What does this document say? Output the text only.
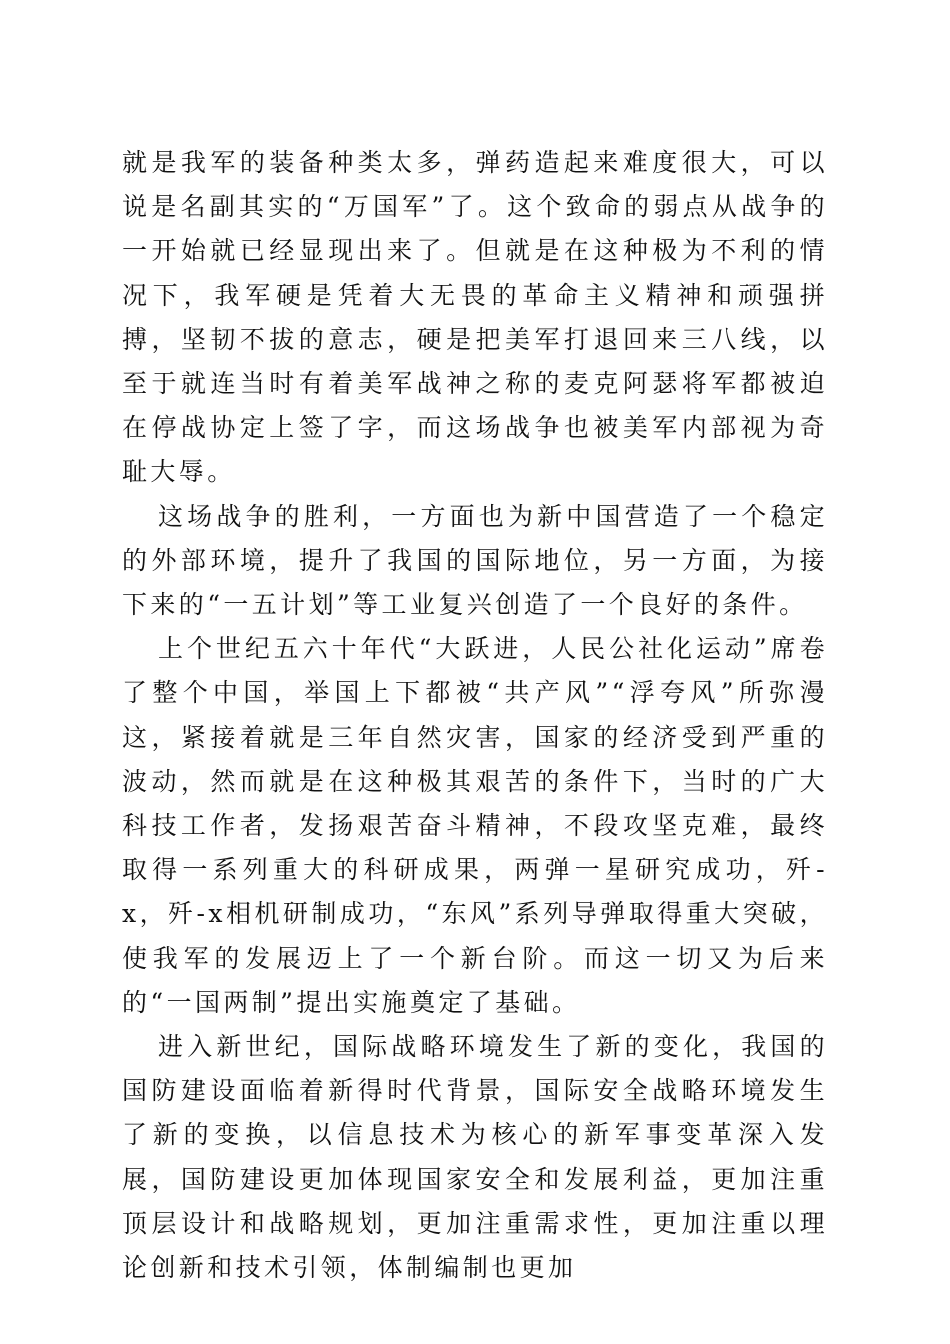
就是我军的装备种类太多，弹药造起来难度很大，可以说是名副其实的“万国军”了。这个致命的弱点从战争的一开始就已经显现出来了。但就是在这种极为不利的情况下，我军硬是凭着大无畏的革命主义精神和顽强拼搏，坚韧不拔的意志，硬是把美军打退回来三八线，以至于就连当时有着美军战神之称的麦克阿瑟将军都被迫在停战协定上签了字，而这场战争也被美军内部视为奇耻大辱。

这场战争的胜利，一方面也为新中国营造了一个稳定的外部环境，提升了我国的国际地位，另一方面，为接下来的“一五计划”等工业复兴创造了一个良好的条件。

上个世纪五六十年代“大跃进，人民公社化运动”席卷了整个中国，举国上下都被“共产风”“浮夸风”所弥漫这，紧接着就是三年自然灾害，国家的经济受到严重的波动，然而就是在这种极其艰苦的条件下，当时的广大科技工作者，发扬艰苦奋斗精神，不段攻坚克难，最终取得一系列重大的科研成果，两弹一星研究成功，歼-x，歼-x相机研制成功，“东风”系列导弹取得重大突破，使我军的发展迈上了一个新台阶。而这一切又为后来的“一国两制”提出实施奠定了基础。

进入新世纪，国际战略环境发生了新的变化，我国的国防建设面临着新得时代背景，国际安全战略环境发生了新的变换，以信息技术为核心的新军事变革深入发展，国防建设更加体现国家安全和发展利益，更加注重顶层设计和战略规划，更加注重需求性，更加注重以理论创新和技术引领，体制编制也更加
